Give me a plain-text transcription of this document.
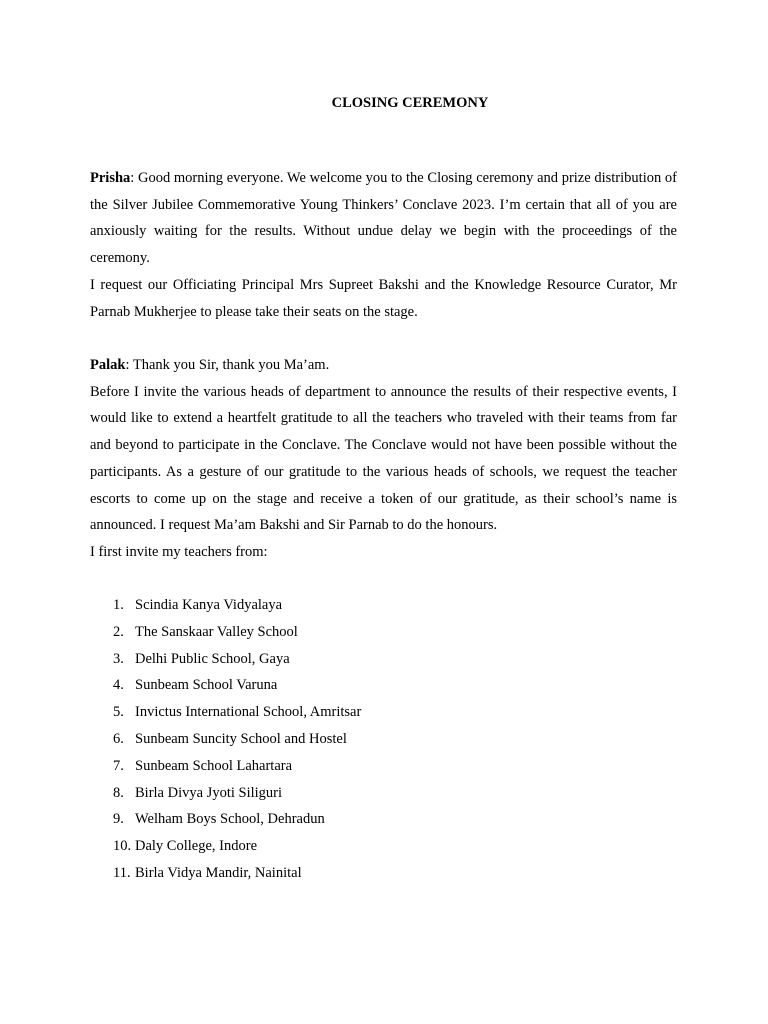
CLOSING CEREMONY

Prisha: Good morning everyone. We welcome you to the Closing ceremony and prize distribution of the Silver Jubilee Commemorative Young Thinkers’ Conclave 2023. I’m certain that all of you are anxiously waiting for the results. Without undue delay we begin with the proceedings of the ceremony.

I request our Officiating Principal Mrs Supreet Bakshi and the Knowledge Resource Curator, Mr Parnab Mukherjee to please take their seats on the stage.

Palak: Thank you Sir, thank you Ma’am.

Before I invite the various heads of department to announce the results of their respective events, I would like to extend a heartfelt gratitude to all the teachers who traveled with their teams from far and beyond to participate in the Conclave. The Conclave would not have been possible without the participants. As a gesture of our gratitude to the various heads of schools, we request the teacher escorts to come up on the stage and receive a token of our gratitude, as their school’s name is announced. I request Ma’am Bakshi and Sir Parnab to do the honours.

I first invite my teachers from:

1. Scindia Kanya Vidyalaya
2. The Sanskaar Valley School
3. Delhi Public School, Gaya
4. Sunbeam School Varuna
5. Invictus International School, Amritsar
6. Sunbeam Suncity School and Hostel
7. Sunbeam School Lahartara
8. Birla Divya Jyoti Siliguri
9. Welham Boys School, Dehradun
10. Daly College, Indore
11. Birla Vidya Mandir, Nainital
